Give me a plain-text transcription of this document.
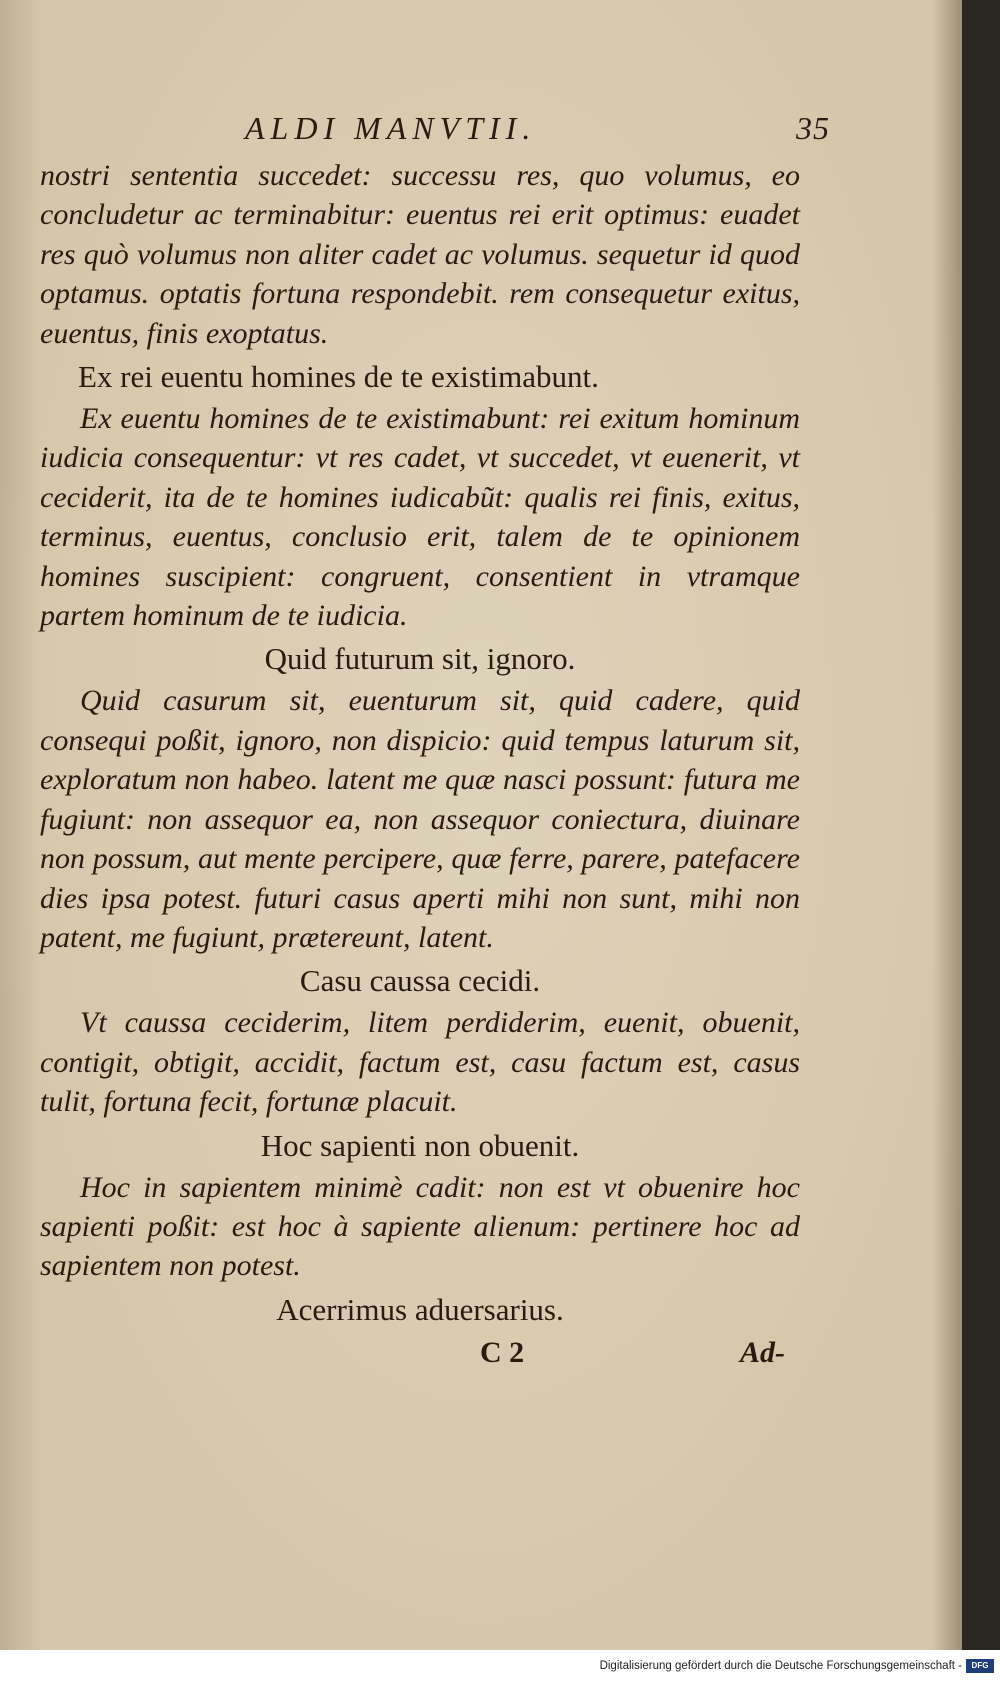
ALDI MANVTII.	35

nostri sententia succedet: successu res, quo volumus, eo concludetur ac terminabitur: euentus rei erit optimus: euadet res quò volumus non aliter cadet ac volumus. sequetur id quod optamus. optatis fortuna respondebit. rem consequetur exitus, euentus, finis exoptatus.

Ex rei euentu homines de te existimabunt.

Ex euentu homines de te existimabunt: rei exitum hominum iudicia consequentur: vt res cadet, vt succedet, vt euenerit, vt ceciderit, ita de te homines iudicabũt: qualis rei finis, exitus, terminus, euentus, conclusio erit, talem de te opinionem homines suscipient: congruent, consentient in vtramque partem hominum de te iudicia.

Quid futurum sit, ignoro.

Quid casurum sit, euenturum sit, quid cadere, quid consequi poßit, ignoro, non dispicio: quid tempus laturum sit, exploratum non habeo. latent me quæ nasci possunt: futura me fugiunt: non assequor ea, non assequor coniectura, diuinare non possum, aut mente percipere, quæ ferre, parere, patefacere dies ipsa potest. futuri casus aperti mihi non sunt, mihi non patent, me fugiunt, prætereunt, latent.

Casu caussa cecidi.

Vt caussa ceciderim, litem perdiderim, euenit, obuenit, contigit, obtigit, accidit, factum est, casu factum est, casus tulit, fortuna fecit, fortunæ placuit.

Hoc sapienti non obuenit.

Hoc in sapientem minimè cadit: non est vt obuenire hoc sapienti poßit: est hoc à sapiente alienum: pertinere hoc ad sapientem non potest.

Acerrimus aduersarius.
C 2	Ad-
Digitalisierung gefördert durch die Deutsche Forschungsgemeinschaft -	DFG
